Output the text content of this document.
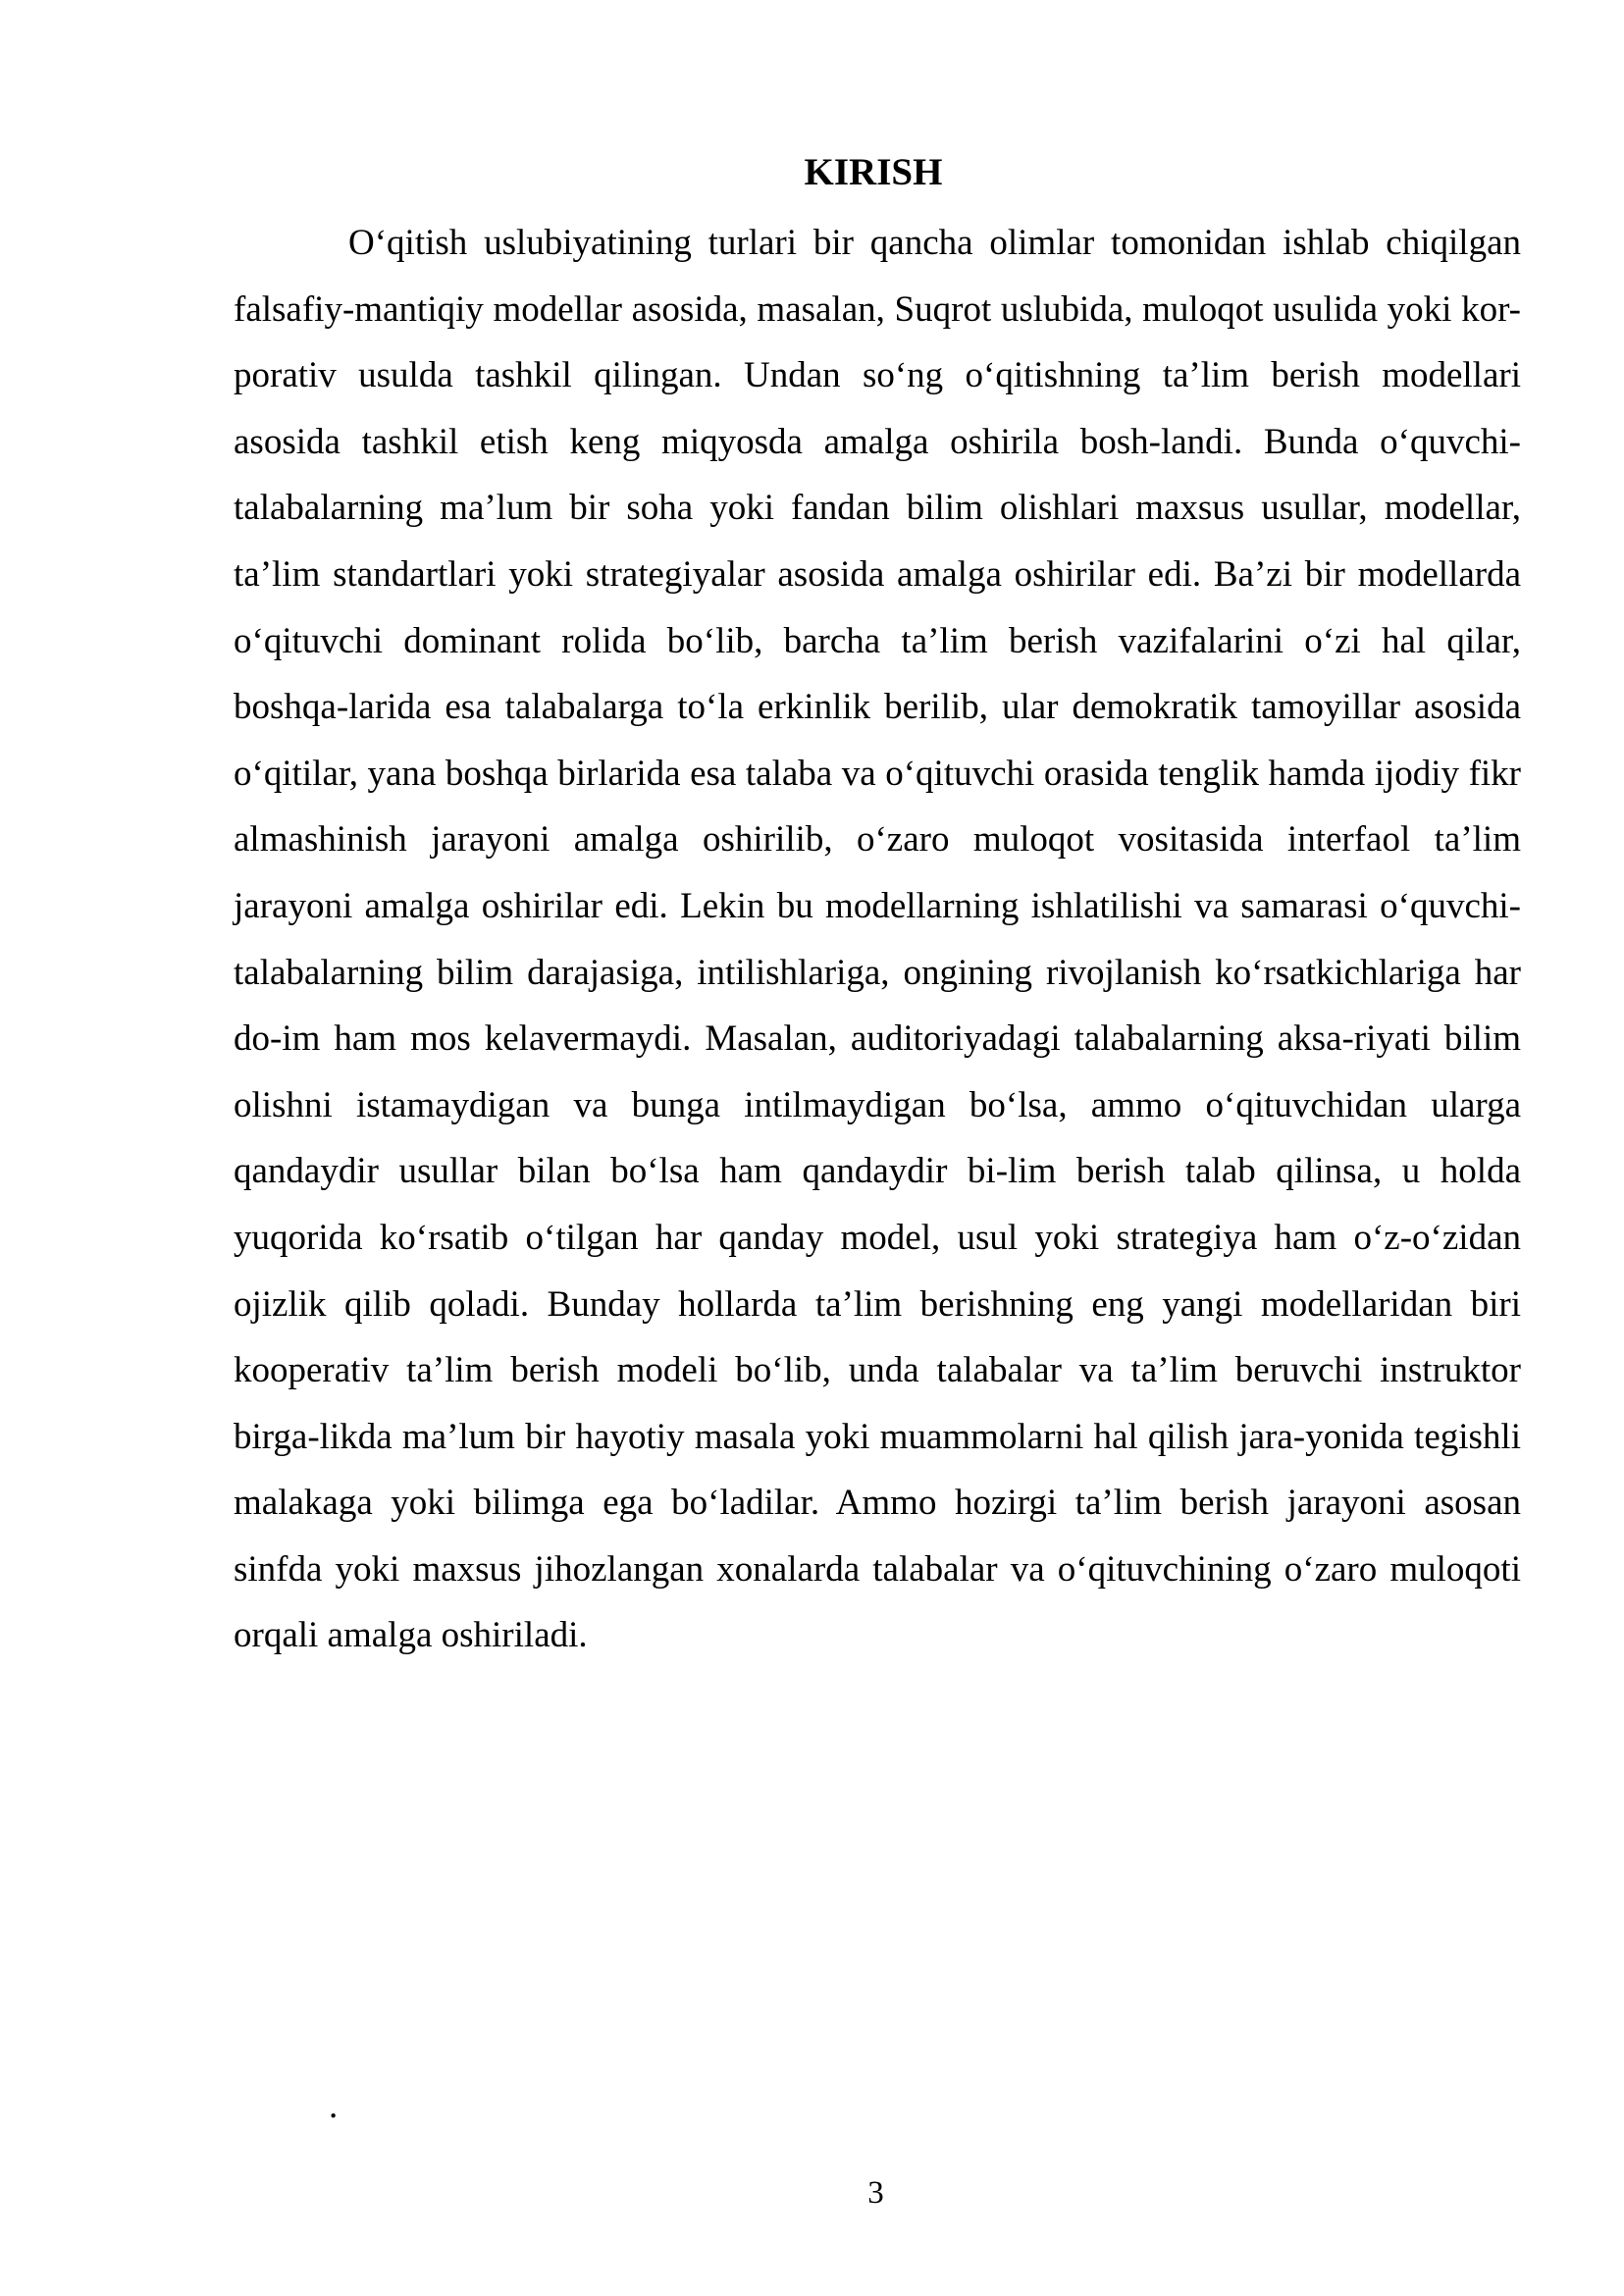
KIRISH

O‘qitish uslubiyatining turlari bir qancha olimlar tomonidan ishlab chiqilgan falsafiy-mantiqiy modellar asosida, masalan, Suqrot uslubida, muloqot usulida yoki kor-porativ usulda tashkil qilingan. Undan so‘ng o‘qitishning ta’lim berish modellari asosida tashkil etish keng miqyosda amalga oshirila bosh-landi. Bunda o‘quvchi-talabalarning ma’lum bir soha yoki fandan bilim olishlari maxsus usullar, modellar, ta’lim standartlari yoki strategiyalar asosida amalga oshirilar edi. Ba’zi bir modellarda o‘qituvchi dominant rolida bo‘lib, barcha ta’lim berish vazifalarini o‘zi hal qilar, boshqa-larida esa talabalarga to‘la erkinlik berilib, ular demokratik tamoyillar asosida o‘qitilar, yana boshqa birlarida esa talaba va o‘qituvchi orasida tenglik hamda ijodiy fikr almashinish jarayoni amalga oshirilib, o‘zaro muloqot vositasida interfaol ta’lim jarayoni amalga oshirilar edi. Lekin bu modellarning ishlatilishi va samarasi o‘quvchi-talabalarning bilim darajasiga, intilishlariga, ongining rivojlanish ko‘rsatkichlariga har do-im ham mos kelavermaydi. Masalan, auditoriyadagi talabalarning aksa-riyati bilim olishni istamaydigan va bunga intilmaydigan bo‘lsa, ammo o‘qituvchidan ularga qandaydir usullar bilan bo‘lsa ham qandaydir bi-lim berish talab qilinsa, u holda yuqorida ko‘rsatib o‘tilgan har qanday model, usul yoki strategiya ham o‘z-o‘zidan ojizlik qilib qoladi. Bunday hollarda ta’lim berishning eng yangi modellaridan biri kooperativ ta’lim berish modeli bo‘lib, unda talabalar va ta’lim beruvchi instruktor birga-likda ma’lum bir hayotiy masala yoki muammolarni hal qilish jara-yonida tegishli malakaga yoki bilimga ega bo‘ladilar. Ammo hozirgi ta’lim berish jarayoni asosan sinfda yoki maxsus jihozlangan xonalarda talabalar va o‘qituvchining o‘zaro muloqoti orqali amalga oshiriladi.

.
3
